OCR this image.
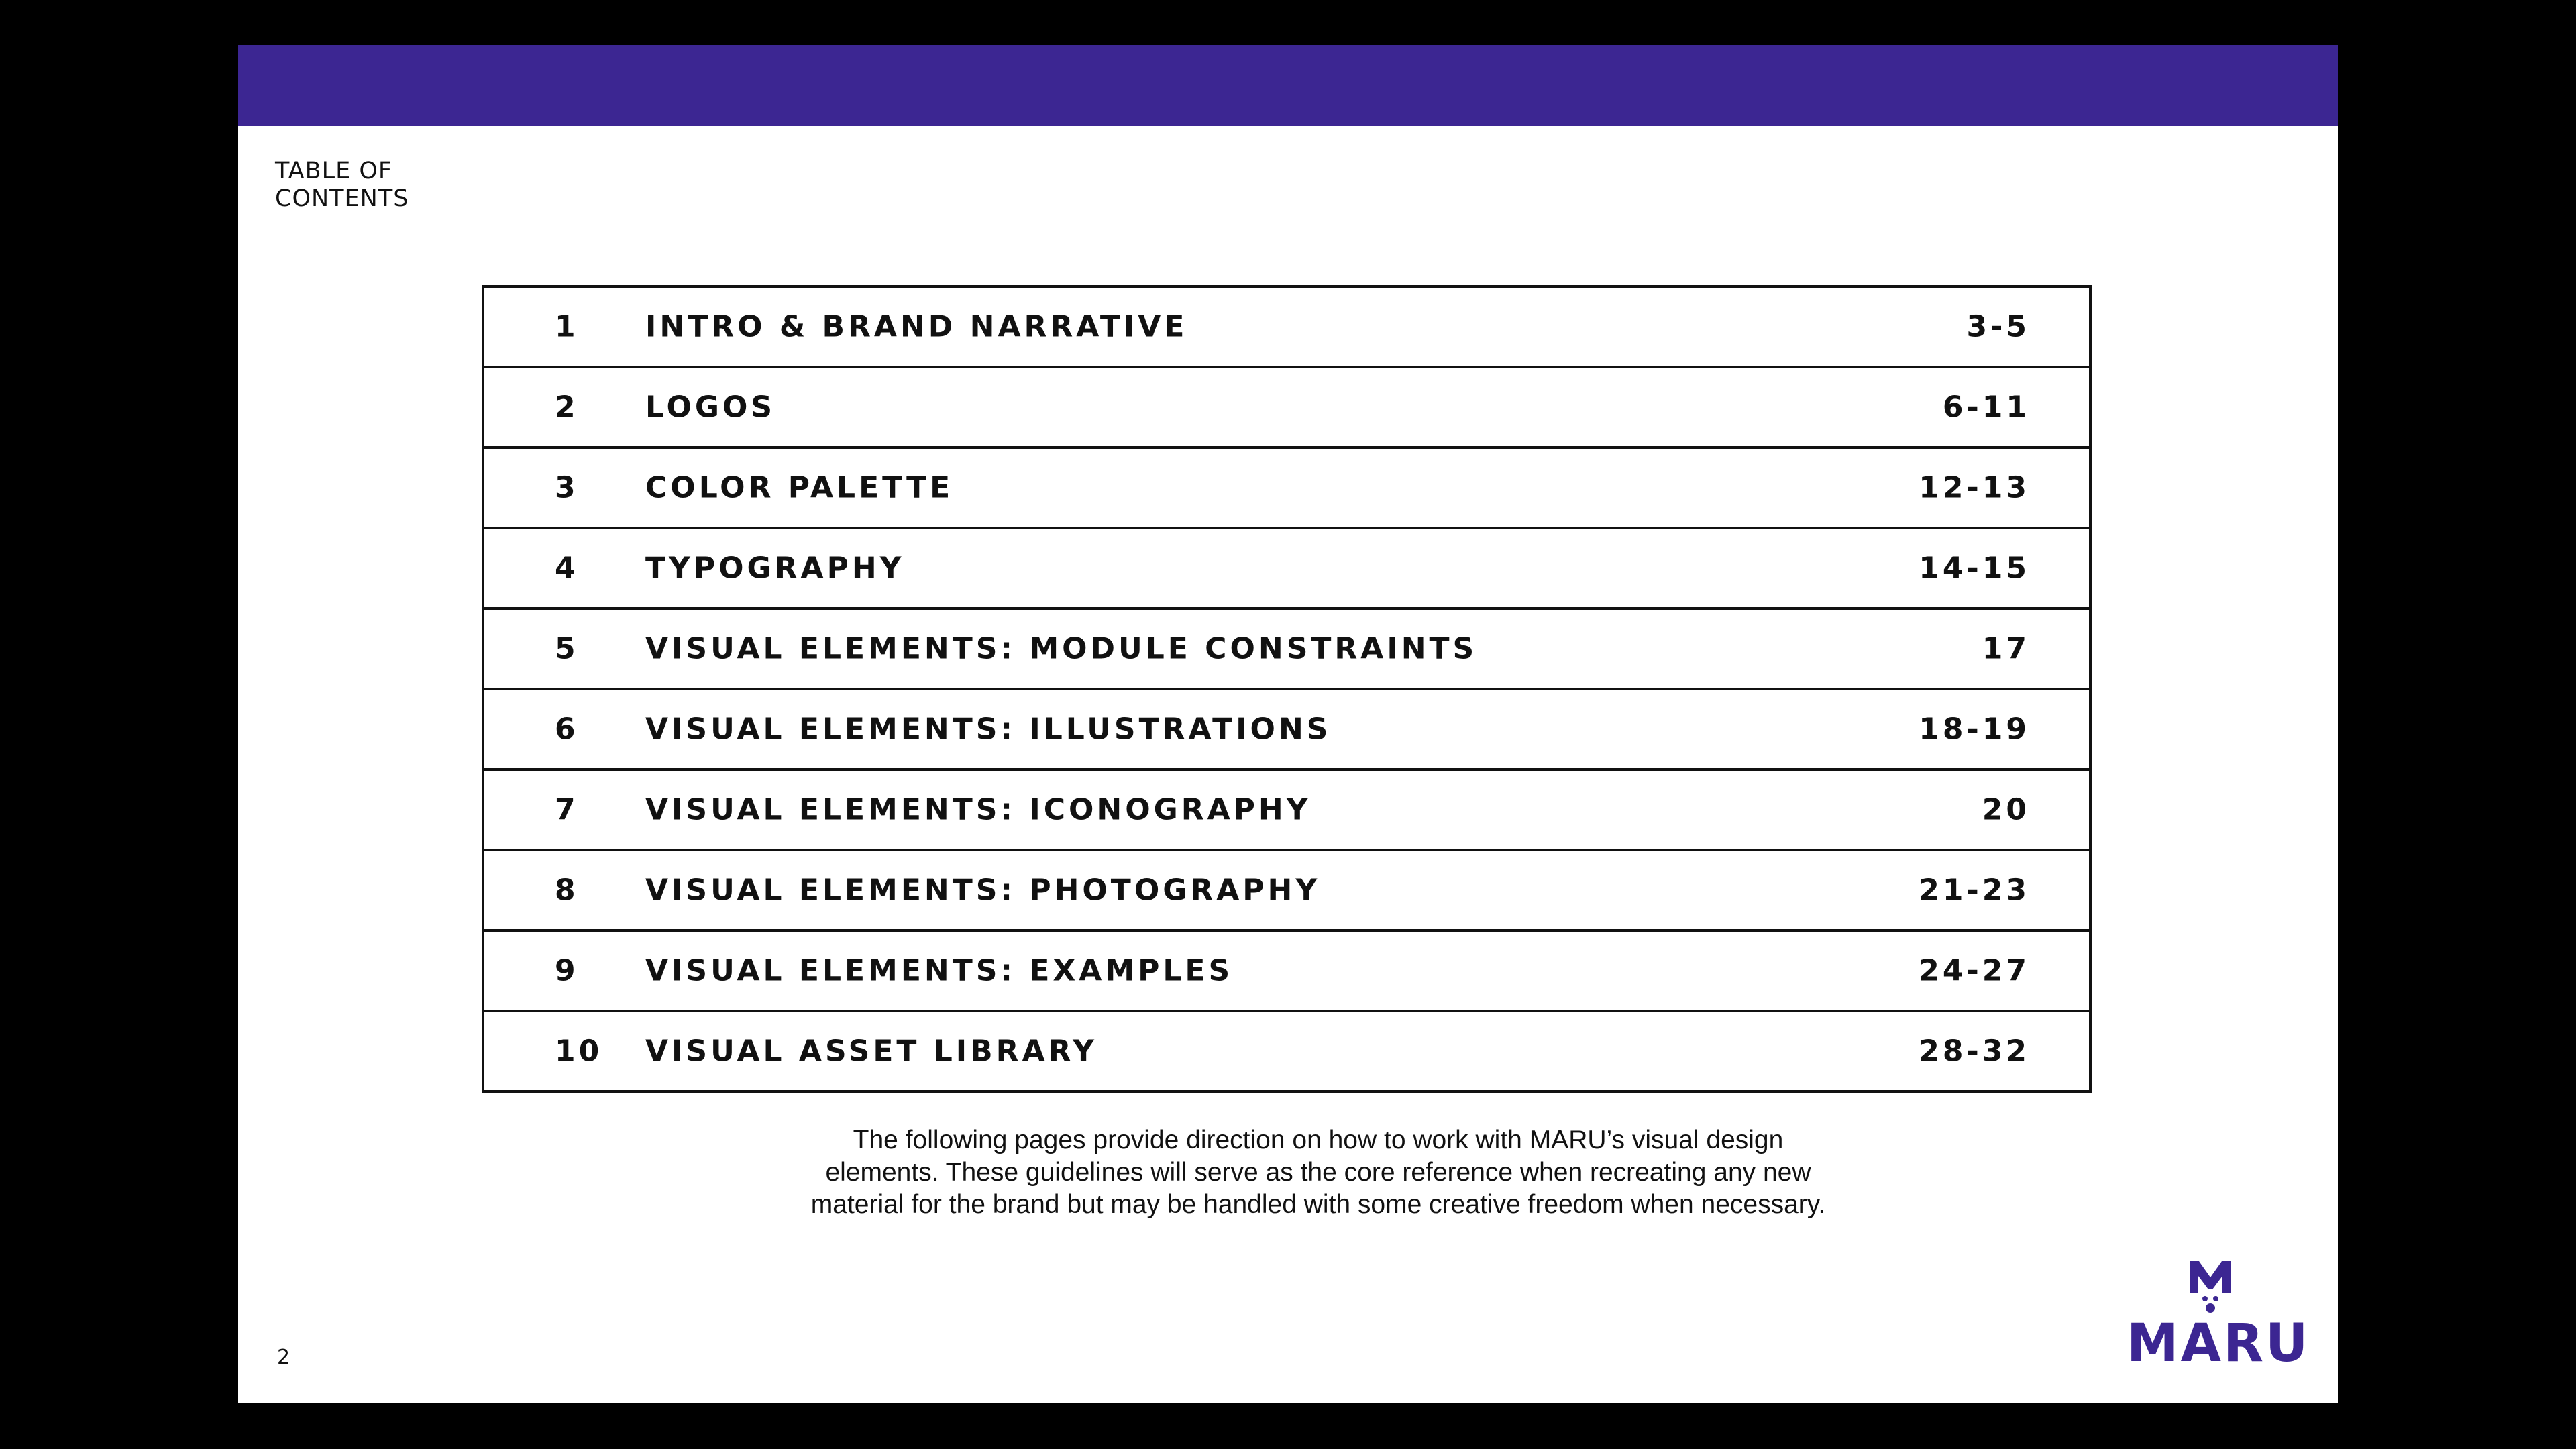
TABLE OF
CONTENTS
1 INTRO & BRAND NARRATIVE	3-5
2 LOGOS	6-11
3 COLOR PALETTE	12-13
4 TYPOGRAPHY	14-15
5 VISUAL ELEMENTS: MODULE CONSTRAINTS	17
6 VISUAL ELEMENTS: ILLUSTRATIONS	18-19
7 VISUAL ELEMENTS: ICONOGRAPHY	20
8 VISUAL ELEMENTS: PHOTOGRAPHY	21-23
9 VISUAL ELEMENTS: EXAMPLES	24-27
10 VISUAL ASSET LIBRARY	28-32
The following pages provide direction on how to work with MARU’s visual design elements. These guidelines will serve as the core reference when recreating any new material for the brand but may be handled with some creative freedom when necessary.
2	MARU
